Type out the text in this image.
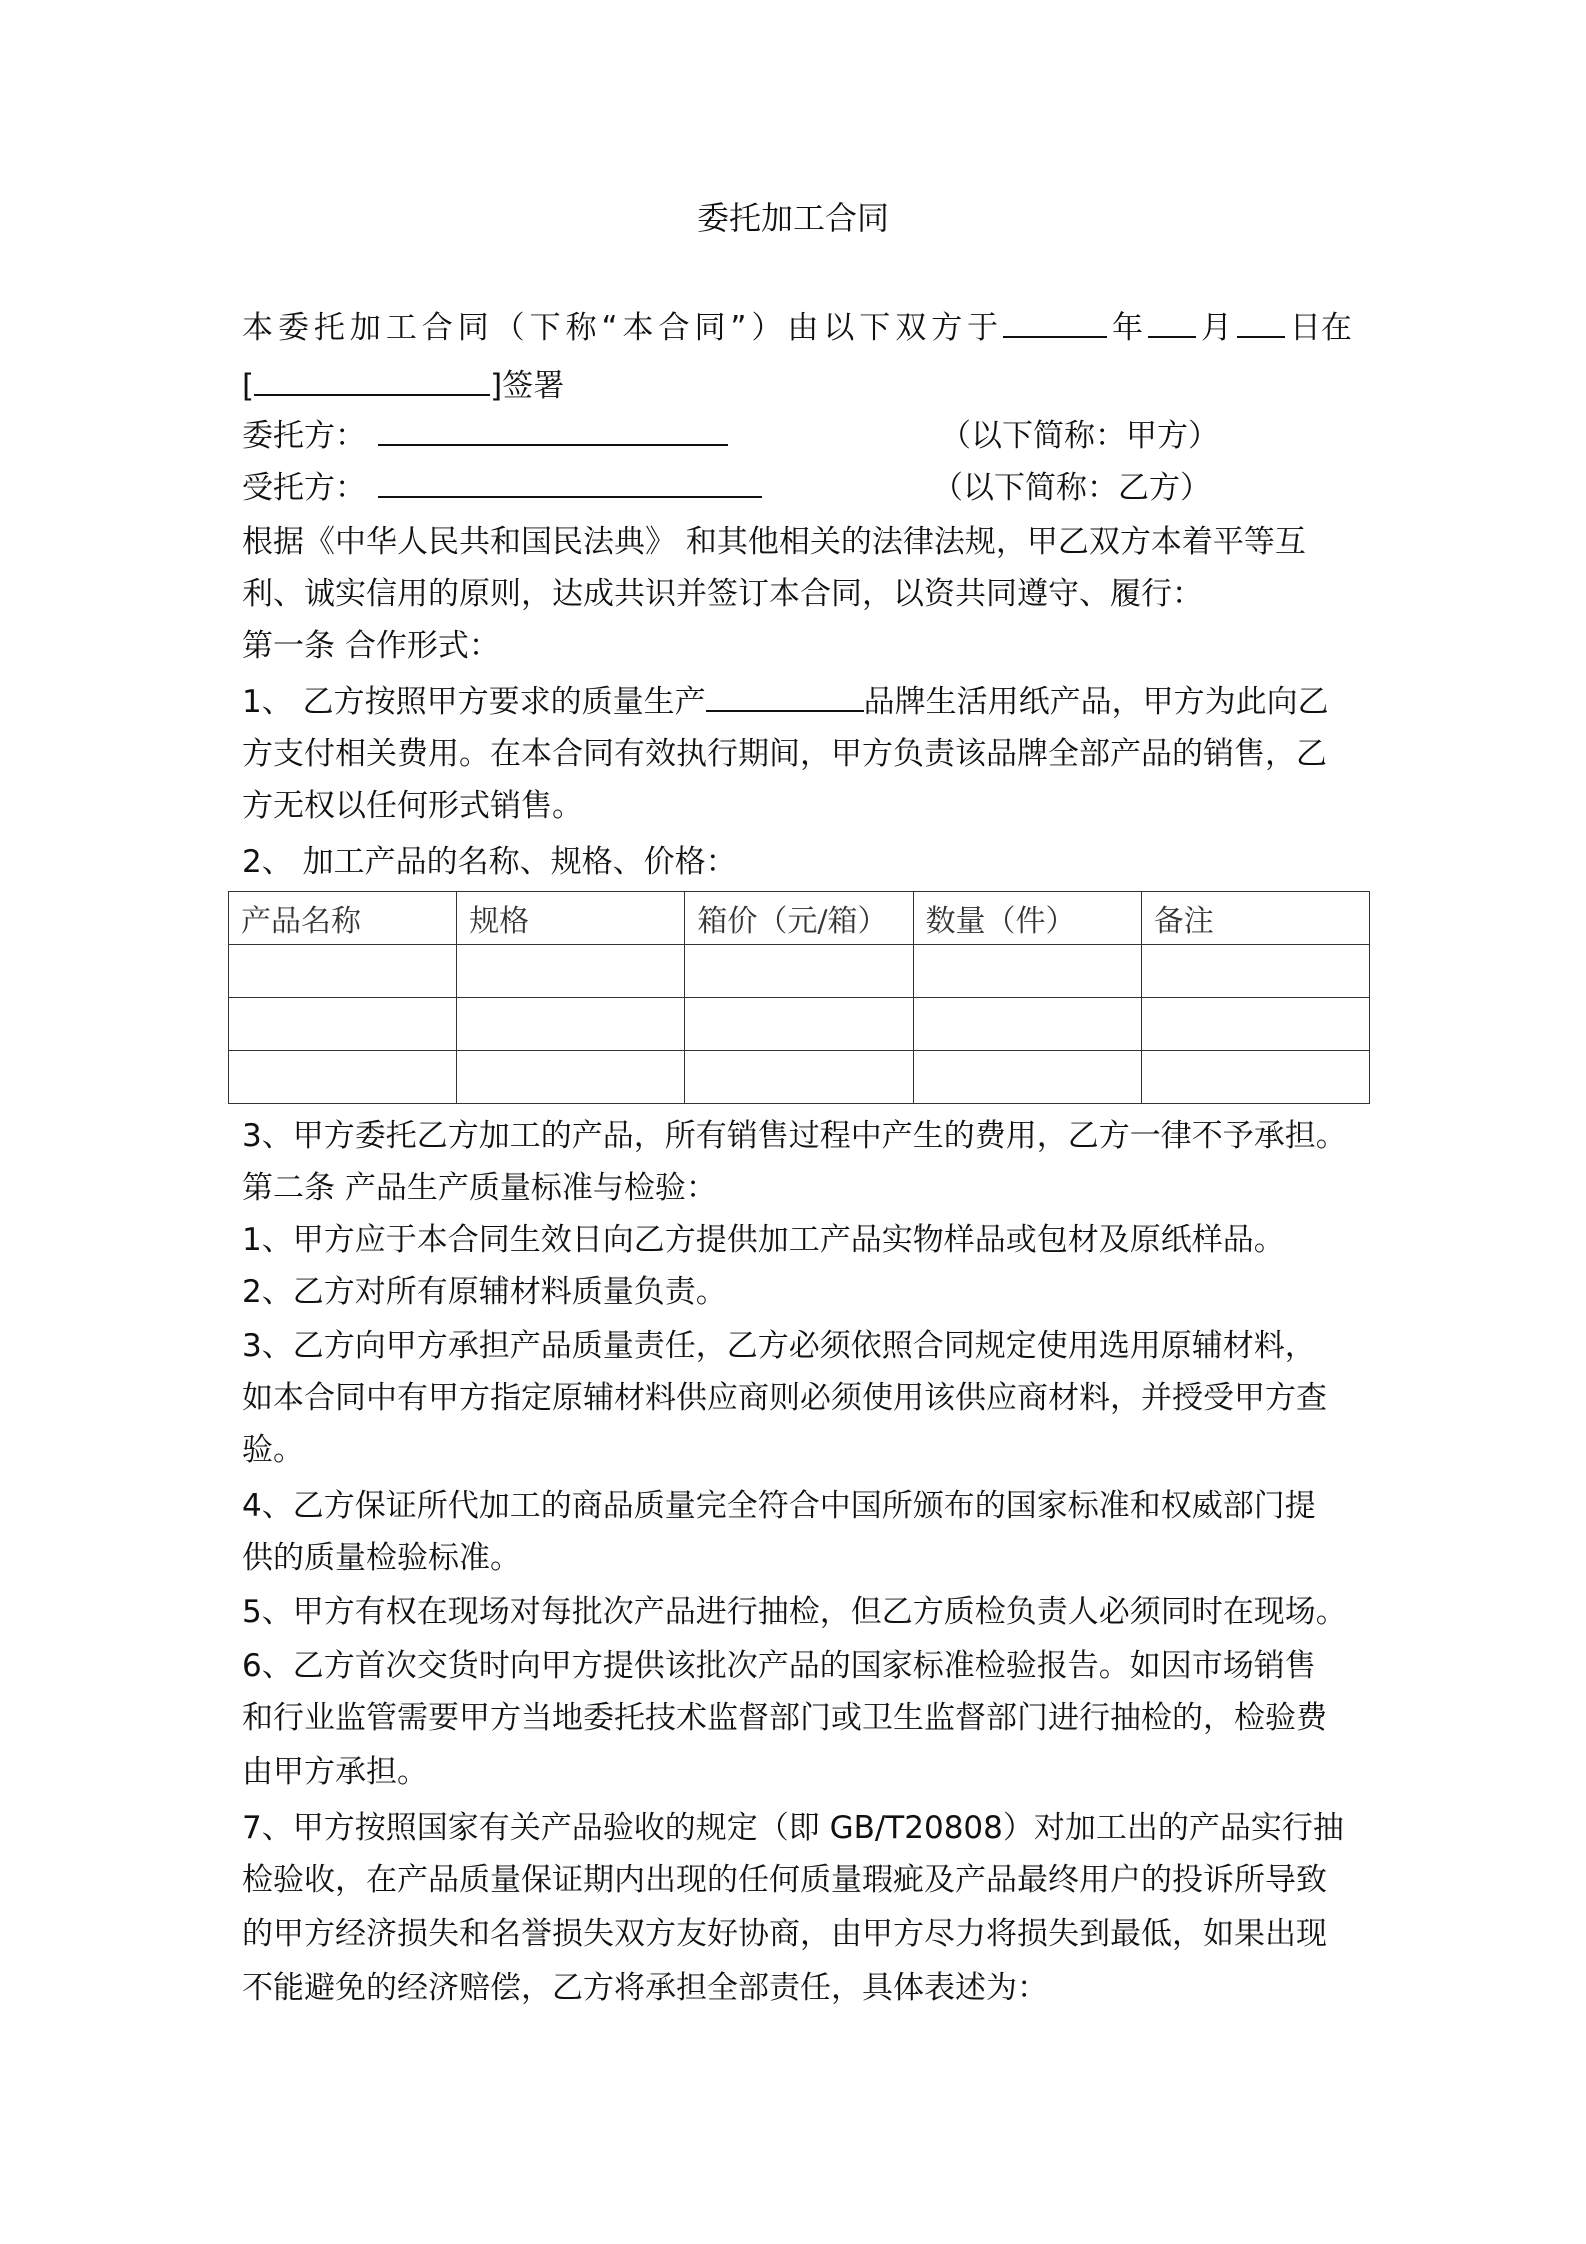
委托加工合同
本 委 托 加 工 合 同 （ 下 称 “ 本 合 同 ” ） 由 以 下 双 方 于	年 月 日在
[	]签署
委托方：	（以下简称：甲方）
受托方：	（以下简称：乙方）
根据《中华人民共和国民法典》 和其他相关的法律法规，甲乙双方本着平等互
利、诚实信用的原则，达成共识并签订本合同，以资共同遵守、履行：
第一条 合作形式：
1、 乙方按照甲方要求的质量生产	品牌生活用纸产品，甲方为此向乙
方支付相关费用。在本合同有效执行期间，甲方负责该品牌全部产品的销售，乙
方无权以任何形式销售。
2、 加工产品的名称、规格、价格：
产品名称	规格	箱价（元/箱）	数量（件）	备注

3、甲方委托乙方加工的产品，所有销售过程中产生的费用，乙方一律不予承担。
第二条 产品生产质量标准与检验：
1、甲方应于本合同生效日向乙方提供加工产品实物样品或包材及原纸样品。
2、乙方对所有原辅材料质量负责。
3、乙方向甲方承担产品质量责任，乙方必须依照合同规定使用选用原辅材料，
如本合同中有甲方指定原辅材料供应商则必须使用该供应商材料，并授受甲方查
验。
4、乙方保证所代加工的商品质量完全符合中国所颁布的国家标准和权威部门提
供的质量检验标准。
5、甲方有权在现场对每批次产品进行抽检，但乙方质检负责人必须同时在现场。
6、乙方首次交货时向甲方提供该批次产品的国家标准检验报告。如因市场销售
和行业监管需要甲方当地委托技术监督部门或卫生监督部门进行抽检的，检验费
由甲方承担。
7、甲方按照国家有关产品验收的规定（即 GB/T20808）对加工出的产品实行抽
检验收，在产品质量保证期内出现的任何质量瑕疵及产品最终用户的投诉所导致
的甲方经济损失和名誉损失双方友好协商，由甲方尽力将损失到最低，如果出现
不能避免的经济赔偿，乙方将承担全部责任，具体表述为：
